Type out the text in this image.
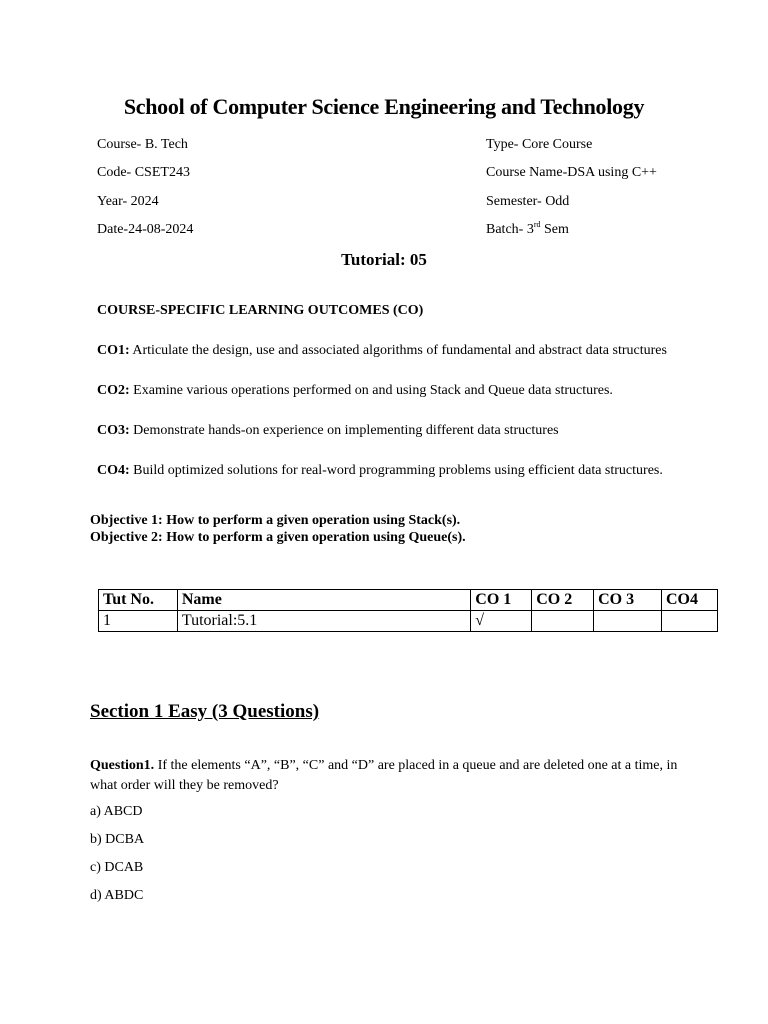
School of Computer Science Engineering and Technology
Course- B. Tech
Code- CSET243
Year- 2024
Date-24-08-2024
Type- Core Course
Course Name-DSA using C++
Semester- Odd
Batch- 3rd Sem
Tutorial: 05
COURSE-SPECIFIC LEARNING OUTCOMES (CO)
CO1: Articulate the design, use and associated algorithms of fundamental and abstract data structures
CO2: Examine various operations performed on and using Stack and Queue data structures.
CO3: Demonstrate hands-on experience on implementing different data structures
CO4: Build optimized solutions for real-word programming problems using efficient data structures.
Objective 1: How to perform a given operation using Stack(s).
Objective 2: How to perform a given operation using Queue(s).
Tut No.	Name	CO 1	CO 2	CO 3	CO4
1	Tutorial:5.1	√			
Section 1 Easy (3 Questions)
Question1. If the elements “A”, “B”, “C” and “D” are placed in a queue and are deleted one at a time, in what order will they be removed?
a) ABCD
b) DCBA
c) DCAB
d) ABDC
